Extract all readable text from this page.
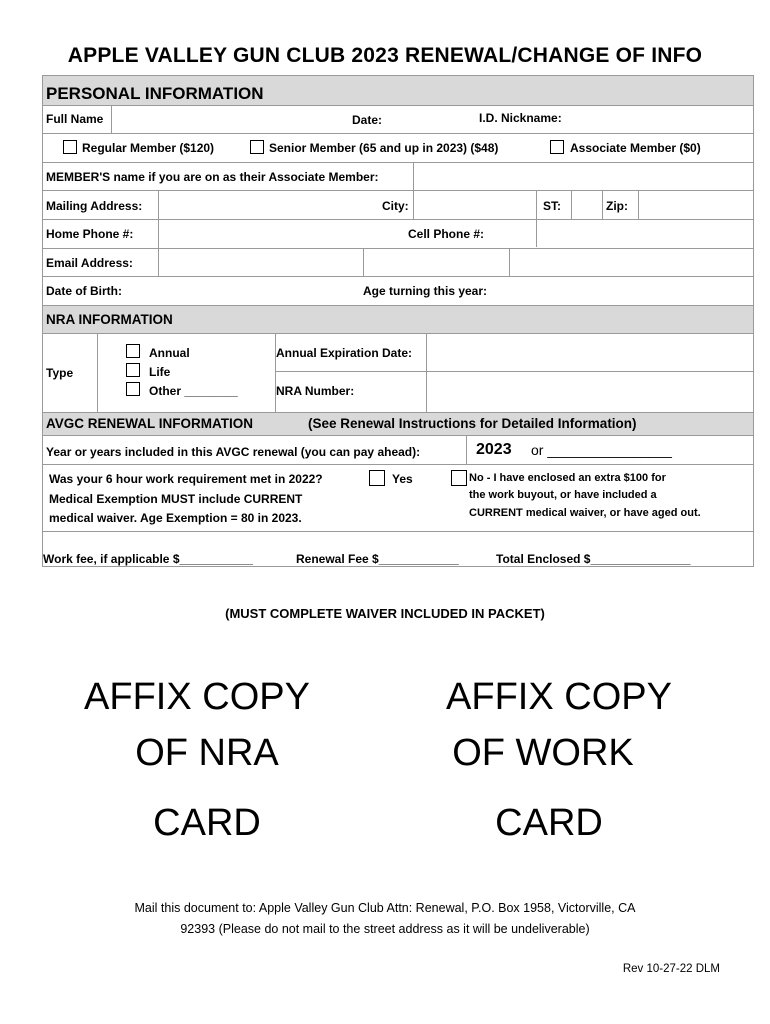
APPLE VALLEY GUN CLUB 2023 RENEWAL/CHANGE OF INFO
PERSONAL INFORMATION
Full Name	Date:	I.D. Nickname:
Regular Member ($120)	Senior Member (65 and up in 2023) ($48)	Associate Member ($0)
MEMBER'S name if you are on as their Associate Member:
Mailing Address:	City:	ST:	Zip:
Home Phone #:	Cell Phone #:
Email Address:
Date of Birth:	Age turning this year:
NRA INFORMATION
Type
Annual
Life
Other ________
Annual Expiration Date:
NRA Number:
AVGC RENEWAL INFORMATION	(See Renewal Instructions for Detailed Information)
Year or years included in this AVGC renewal (you can pay ahead):	2023 or ________________
Was your 6 hour work requirement met in 2022?
Medical Exemption MUST include CURRENT
medical waiver. Age Exemption = 80 in 2023.
Yes	No - I have enclosed an extra $100 for
the work buyout, or have included a
CURRENT medical waiver, or have aged out.
Work fee, if applicable $___________	Renewal Fee $____________	Total Enclosed $_______________
(MUST COMPLETE WAIVER INCLUDED IN PACKET)
AFFIX COPY
OF NRA
CARD
AFFIX COPY
OF WORK
CARD
Mail this document to: Apple Valley Gun Club Attn: Renewal, P.O. Box 1958, Victorville, CA
92393 (Please do not mail to the street address as it will be undeliverable)
Rev 10-27-22 DLM
